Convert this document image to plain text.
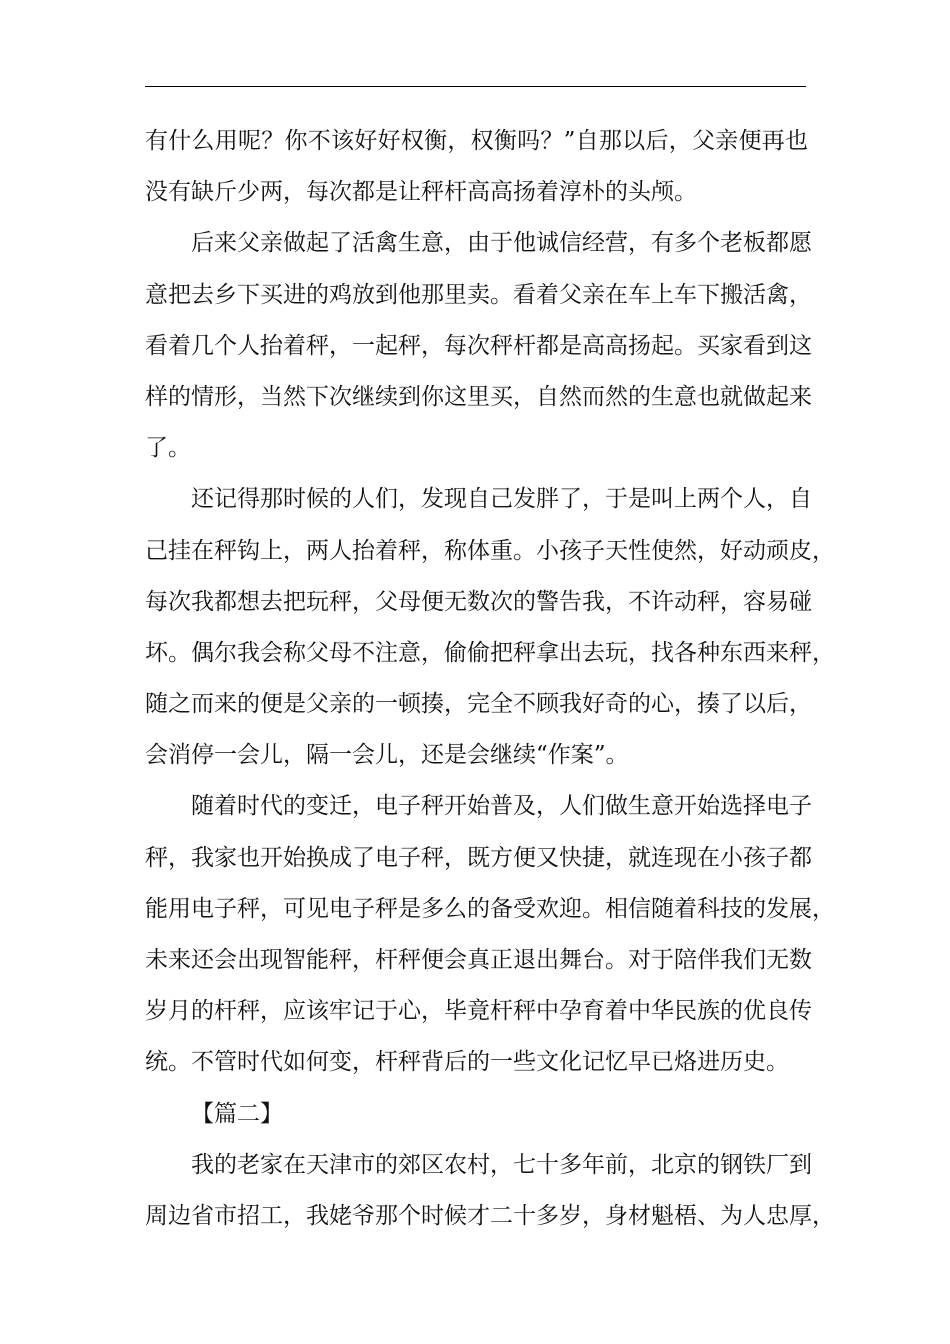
有什么用呢？你不该好好权衡，权衡吗？”自那以后，父亲便再也
没有缺斤少两，每次都是让秤杆高高扬着淳朴的头颅。
后来父亲做起了活禽生意，由于他诚信经营，有多个老板都愿
意把去乡下买进的鸡放到他那里卖。看着父亲在车上车下搬活禽，
看着几个人抬着秤，一起秤，每次秤杆都是高高扬起。买家看到这
样的情形，当然下次继续到你这里买，自然而然的生意也就做起来
了。
还记得那时候的人们，发现自己发胖了，于是叫上两个人，自
己挂在秤钩上，两人抬着秤，称体重。小孩子天性使然，好动顽皮，
每次我都想去把玩秤，父母便无数次的警告我，不许动秤，容易碰
坏。偶尔我会称父母不注意，偷偷把秤拿出去玩，找各种东西来秤，
随之而来的便是父亲的一顿揍，完全不顾我好奇的心，揍了以后，
会消停一会儿，隔一会儿，还是会继续“作案”。
随着时代的变迁，电子秤开始普及，人们做生意开始选择电子
秤，我家也开始换成了电子秤，既方便又快捷，就连现在小孩子都
能用电子秤，可见电子秤是多么的备受欢迎。相信随着科技的发展，
未来还会出现智能秤，杆秤便会真正退出舞台。对于陪伴我们无数
岁月的杆秤，应该牢记于心，毕竟杆秤中孕育着中华民族的优良传
统。不管时代如何变，杆秤背后的一些文化记忆早已烙进历史。
【篇二】
我的老家在天津市的郊区农村，七十多年前，北京的钢铁厂到
周边省市招工，我姥爷那个时候才二十多岁，身材魁梧、为人忠厚，
